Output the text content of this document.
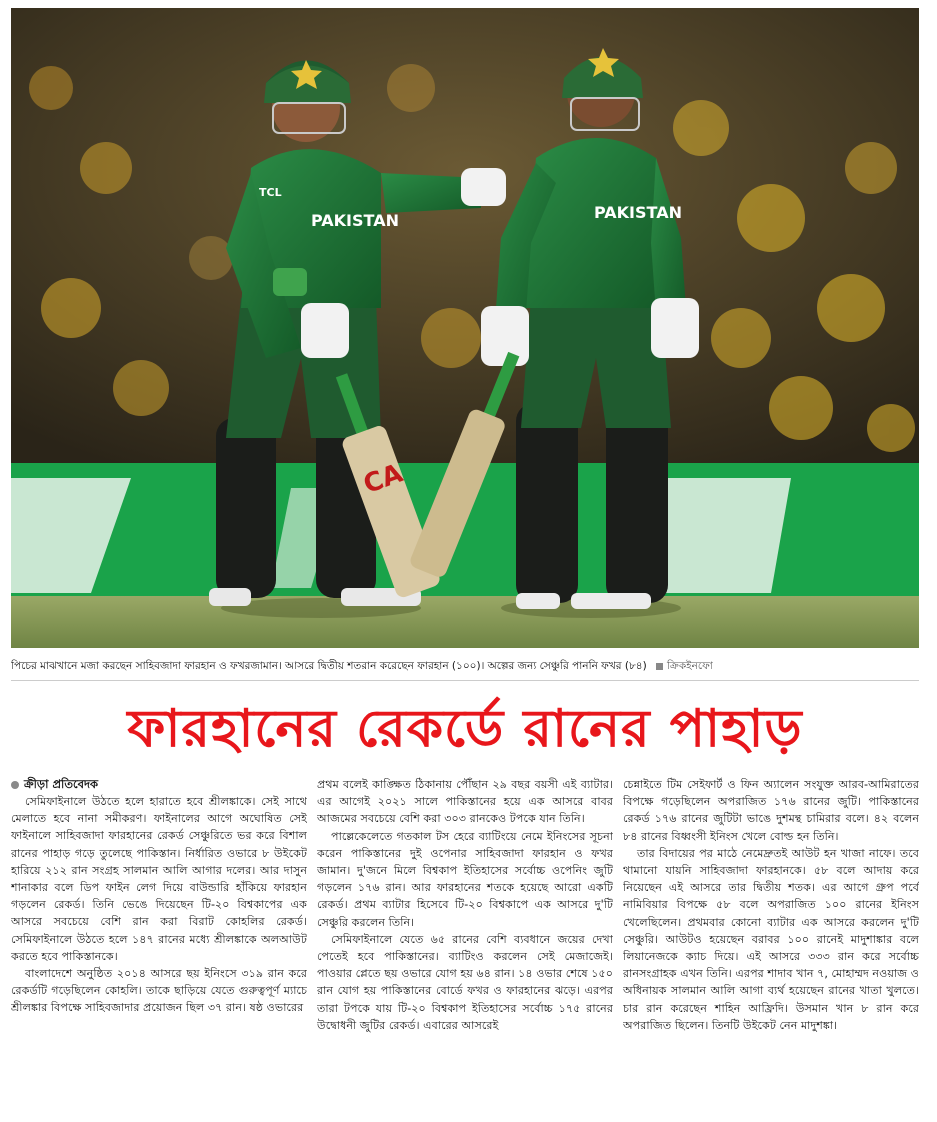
PAKISTAN
TCL
CA
PAKISTAN
পিচের মাঝখানে মজা করছেন সাহিবজাদা ফারহান ও ফখরজামান। আসরে দ্বিতীয় শতরান করেছেন ফারহান (১০০)। অল্পের জন্য সেঞ্চুরি পাননি ফখর (৮৪) ক্রিকইনফো
ফারহানের রেকর্ডে রানের পাহাড়
ক্রীড়া প্রতিবেদক

সেমিফাইনালে উঠতে হলে হারাতে হবে শ্রীলঙ্কাকে। সেই সাথে মেলাতে হবে নানা সমীকরণ। ফাইনালের আগে অঘোষিত সেই ফাইনালে সাহিবজাদা ফারহানের রেকর্ড সেঞ্চুরিতে ভর করে বিশাল রানের পাহাড় গড়ে তুলেছে পাকিস্তান। নির্ধারিত ওভারে ৮ উইকেট হারিয়ে ২১২ রান সংগ্রহ সালমান আলি আগার দলের। আর দাসুন শানাকার বলে ডিপ ফাইন লেগ দিয়ে বাউন্ডারি হাঁকিয়ে ফারহান গড়লেন রেকর্ড। তিনি ভেঙে দিয়েছেন টি-২০ বিশ্বকাপের এক আসরে সবচেয়ে বেশি রান করা বিরাট কোহলির রেকর্ড। সেমিফাইনালে উঠতে হলে ১৪৭ রানের মধ্যে শ্রীলঙ্কাকে অলআউট করতে হবে পাকিস্তানকে।

বাংলাদেশে অনুষ্ঠিত ২০১৪ আসরে ছয় ইনিংসে ৩১৯ রান করে রেকর্ডটি গড়েছিলেন কোহলি। তাকে ছাড়িয়ে যেতে গুরুত্বপূর্ণ ম্যাচে শ্রীলঙ্কার বিপক্ষে সাহিবজাদার প্রয়োজন ছিল ৩৭ রান। ষষ্ঠ ওভারের

প্রথম বলেই কাঙ্ক্ষিত ঠিকানায় পৌঁছান ২৯ বছর বয়সী এই ব্যাটার। এর আগেই ২০২১ সালে পাকিস্তানের হয়ে এক আসরে বাবর আজমের সবচেয়ে বেশি করা ৩০৩ রানকেও টপকে যান তিনি।

পাল্লেকেলেতে গতকাল টস হেরে ব্যাটিংয়ে নেমে ইনিংসের সূচনা করেন পাকিস্তানের দুই ওপেনার সাহিবজাদা ফারহান ও ফখর জামান। দু'জনে মিলে বিশ্বকাপ ইতিহাসের সর্বোচ্চ ওপেনিং জুটি গড়লেন ১৭৬ রান। আর ফারহানের শতকে হয়েছে আরো একটি রেকর্ড। প্রথম ব্যাটার হিসেবে টি-২০ বিশ্বকাপে এক আসরে দু'টি সেঞ্চুরি করলেন তিনি।

সেমিফাইনালে যেতে ৬৫ রানের বেশি ব্যবধানে জয়ের দেখা পেতেই হবে পাকিস্তানের। ব্যাটিংও করলেন সেই মেজাজেই। পাওয়ার প্লেতে ছয় ওভারে যোগ হয় ৬৪ রান। ১৪ ওভার শেষে ১৫০ রান যোগ হয় পাকিস্তানের বোর্ডে ফখর ও ফারহানের ঝড়ে। এরপর তারা টপকে যায় টি-২০ বিশ্বকাপ ইতিহাসের সর্বোচ্চ ১৭৫ রানের উদ্বোধনী জুটির রেকর্ড। এবারের আসরেই

চেন্নাইতে টিম সেইফার্ট ও ফিন অ্যালেন সংযুক্ত আরব-আমিরাতের বিপক্ষে গড়েছিলেন অপরাজিত ১৭৬ রানের জুটি। পাকিস্তানের রেকর্ড ১৭৬ রানের জুটিটা ভাঙে দুশমন্থ চামিরার বলে। ৪২ বলেন ৮৪ রানের বিধ্বংসী ইনিংস খেলে বোল্ড হন তিনি।

তার বিদায়ের পর মাঠে নেমেদ্রুতই আউট হন খাজা নাফে। তবে থামানো যায়নি সাহিবজাদা ফারহানকে। ৫৮ বলে আদায় করে নিয়েছেন এই আসরে তার দ্বিতীয় শতক। এর আগে গ্রুপ পর্বে নামিবিয়ার বিপক্ষে ৫৮ বলে অপরাজিত ১০০ রানের ইনিংস খেলেছিলেন। প্রথমবার কোনো ব্যাটার এক আসরে করলেন দু'টি সেঞ্চুরি। আউটও হয়েছেন বরাবর ১০০ রানেই মাদুশাঙ্কার বলে লিয়ানেজকে ক্যাচ দিয়ে। এই আসরে ৩৩৩ রান করে সর্বোচ্চ রানসংগ্রাহক এখন তিনি। এরপর শাদাব খান ৭, মোহাম্মদ নওয়াজ ও অধিনায়ক সালমান আলি আগা ব্যর্থ হয়েছেন রানের খাতা খুলতে। চার রান করেছেন শাহিন আফ্রিদি। উসমান খান ৮ রান করে অপরাজিত ছিলেন। তিনটি উইকেট নেন মাদুশঙ্কা।
